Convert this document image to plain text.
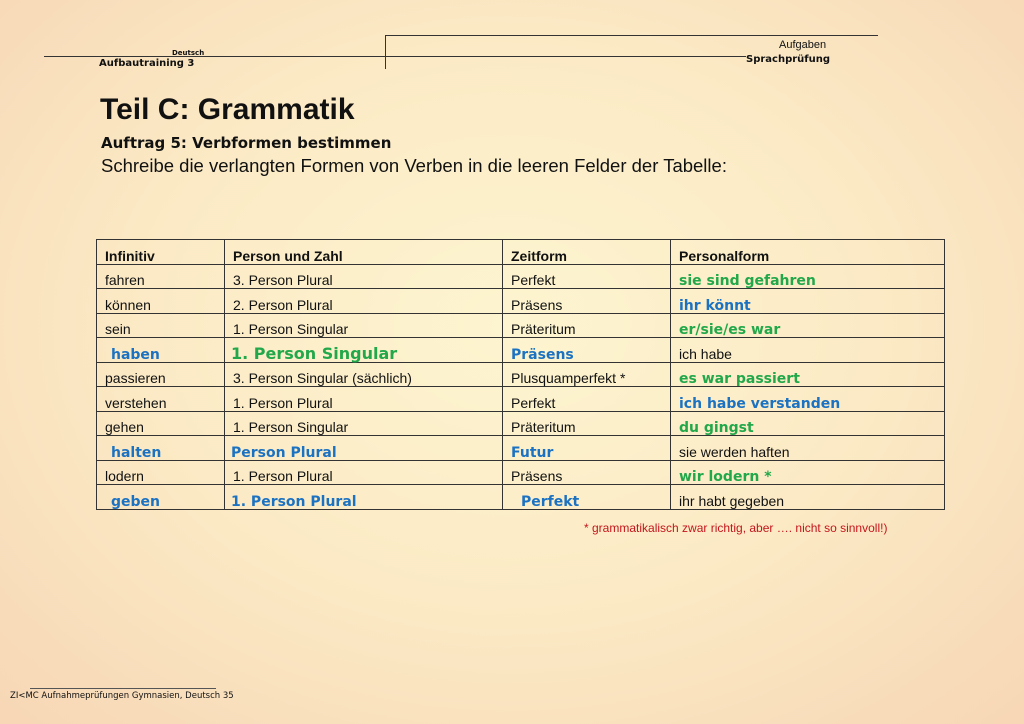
Deutsch
Aufbautraining 3
Aufgaben
Sprachprüfung
Teil C: Grammatik
Auftrag 5: Verbformen bestimmen
Schreibe die verlangten Formen von Verben in die leeren Felder der Tabelle:
Infinitiv	Person und Zahl	Zeitform	Personalform
fahren	3. Person Plural	Perfekt	sie sind gefahren
können	2. Person Plural	Präsens	ihr könnt
sein	1. Person Singular	Präteritum	er/sie/es war
haben	1. Person Singular	Präsens	ich habe
passieren	3. Person Singular (sächlich)	Plusquamperfekt *	es war passiert
verstehen	1. Person Plural	Perfekt	ich habe verstanden
gehen	1. Person Singular	Präteritum	du gingst
halten	Person Plural	Futur	sie werden haften
lodern	1. Person Plural	Präsens	wir lodern *
geben	1. Person Plural	Perfekt	ihr habt gegeben
* grammatikalisch zwar richtig, aber …. nicht so sinnvoll!)
ZI<MC Aufnahmeprüfungen Gymnasien, Deutsch 35
